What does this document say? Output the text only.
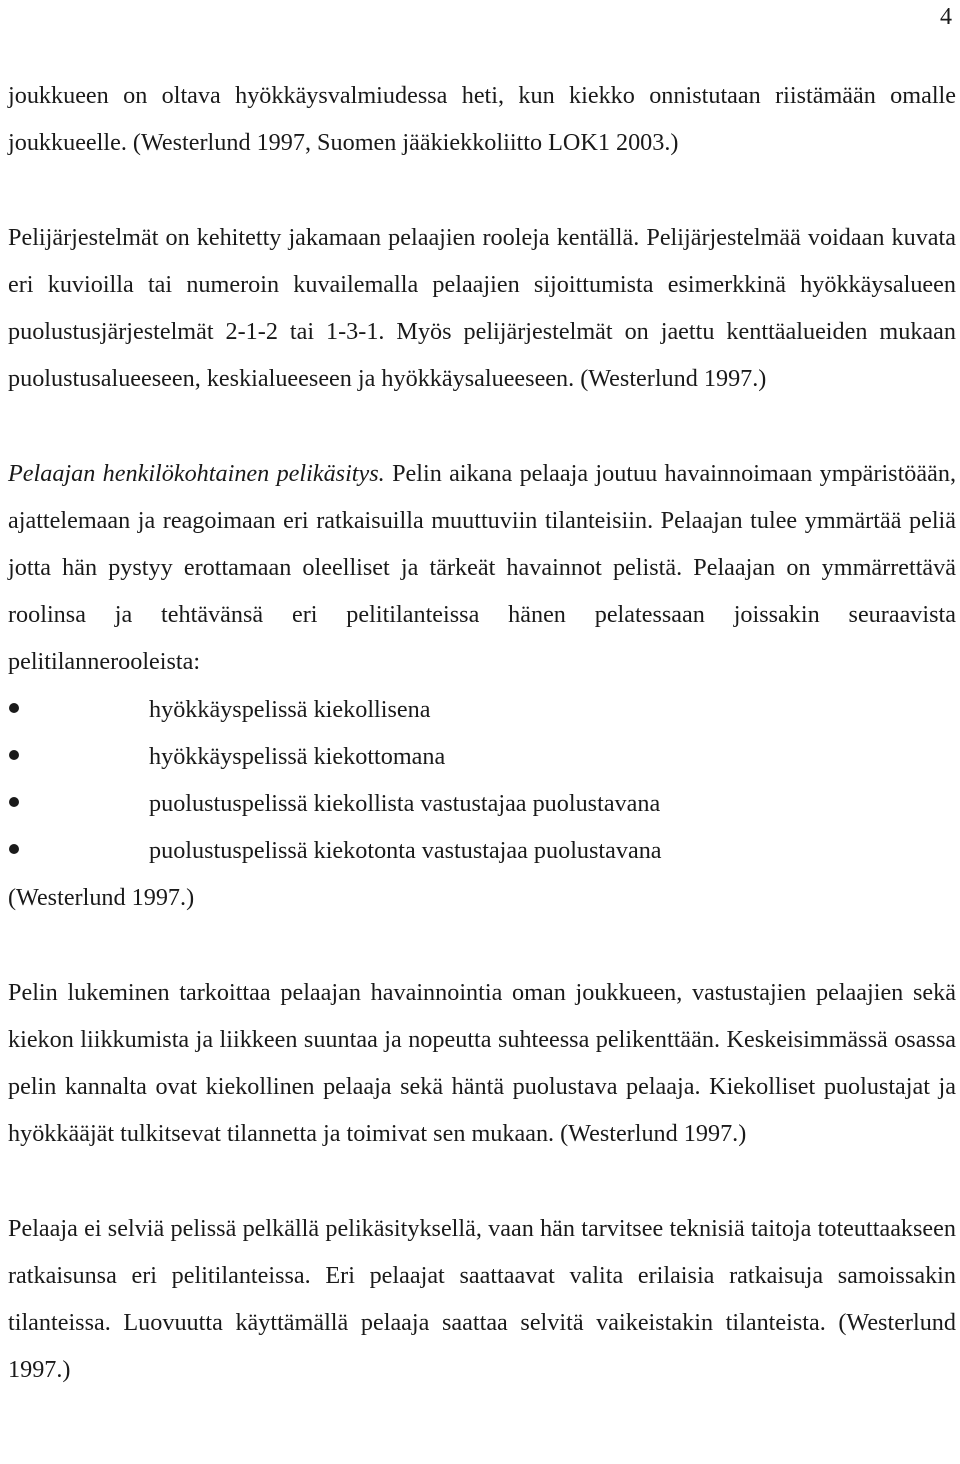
4

joukkueen on oltava hyökkäysvalmiudessa heti, kun kiekko onnistutaan riistämään omalle joukkueelle. (Westerlund 1997, Suomen jääkiekkoliitto LOK1 2003.)

Pelijärjestelmät on kehitetty jakamaan pelaajien rooleja kentällä. Pelijärjestelmää voidaan kuvata eri kuvioilla tai numeroin kuvailemalla pelaajien sijoittumista esimerkkinä hyökkäysalueen puolustusjärjestelmät 2-1-2 tai 1-3-1. Myös pelijärjestelmät on jaettu kenttäalueiden mukaan puolustusalueeseen, keskialueeseen ja hyökkäysalueeseen. (Westerlund 1997.)

Pelaajan henkilökohtainen pelikäsitys. Pelin aikana pelaaja joutuu havainnoimaan ympäristöään, ajattelemaan ja reagoimaan eri ratkaisuilla muuttuviin tilanteisiin. Pelaajan tulee ymmärtää peliä jotta hän pystyy erottamaan oleelliset ja tärkeät havainnot pelistä. Pelaajan on ymmärrettävä roolinsa ja tehtävänsä eri pelitilanteissa hänen pelatessaan joissakin seuraavista pelitilannerooleista:

hyökkäyspelissä kiekollisena
hyökkäyspelissä kiekottomana
puolustuspelissä kiekollista vastustajaa puolustavana
puolustuspelissä kiekotonta vastustajaa puolustavana

(Westerlund 1997.)

Pelin lukeminen tarkoittaa pelaajan havainnointia oman joukkueen, vastustajien pelaajien sekä kiekon liikkumista ja liikkeen suuntaa ja nopeutta suhteessa pelikenttään. Keskeisimmässä osassa pelin kannalta ovat kiekollinen pelaaja sekä häntä puolustava pelaaja. Kiekolliset puolustajat ja hyökkääjät tulkitsevat tilannetta ja toimivat sen mukaan. (Westerlund 1997.)

Pelaaja ei selviä pelissä pelkällä pelikäsityksellä, vaan hän tarvitsee teknisiä taitoja toteuttaakseen ratkaisunsa eri pelitilanteissa. Eri pelaajat saattaavat valita erilaisia ratkaisuja samoissakin tilanteissa. Luovuutta käyttämällä pelaaja saattaa selvitä vaikeistakin tilanteista. (Westerlund 1997.)
